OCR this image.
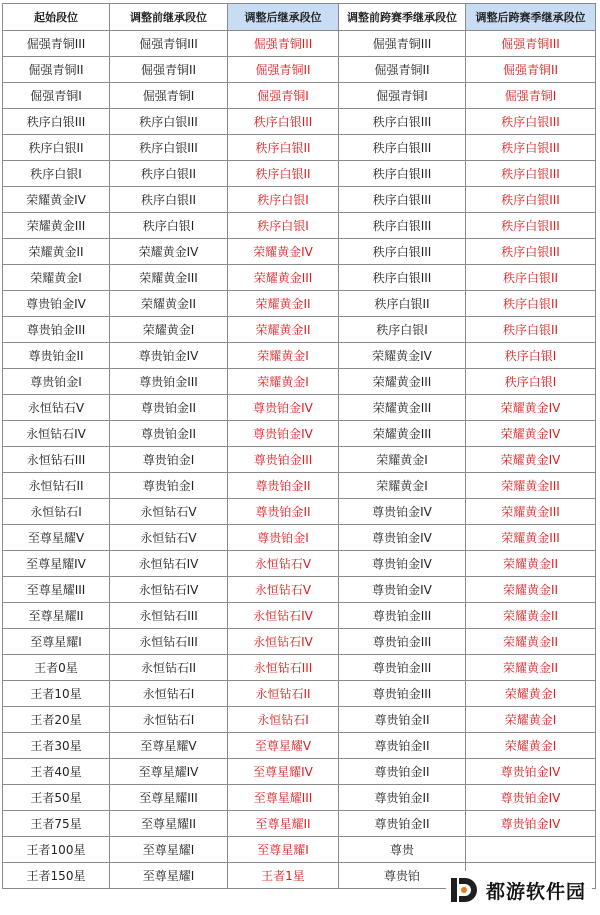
起始段位	调整前继承段位	调整后继承段位	调整前跨赛季继承段位	调整后跨赛季继承段位
倔强青铜III	倔强青铜III	倔强青铜III	倔强青铜III	倔强青铜III
倔强青铜II	倔强青铜II	倔强青铜II	倔强青铜II	倔强青铜II
倔强青铜I	倔强青铜I	倔强青铜I	倔强青铜I	倔强青铜I
秩序白银III	秩序白银III	秩序白银III	秩序白银III	秩序白银III
秩序白银II	秩序白银III	秩序白银II	秩序白银III	秩序白银III
秩序白银I	秩序白银II	秩序白银II	秩序白银III	秩序白银III
荣耀黄金IV	秩序白银II	秩序白银I	秩序白银III	秩序白银III
荣耀黄金III	秩序白银I	秩序白银I	秩序白银III	秩序白银III
荣耀黄金II	荣耀黄金IV	荣耀黄金IV	秩序白银III	秩序白银III
荣耀黄金I	荣耀黄金III	荣耀黄金III	秩序白银III	秩序白银II
尊贵铂金IV	荣耀黄金II	荣耀黄金II	秩序白银II	秩序白银II
尊贵铂金III	荣耀黄金I	荣耀黄金II	秩序白银I	秩序白银II
尊贵铂金II	尊贵铂金IV	荣耀黄金I	荣耀黄金IV	秩序白银I
尊贵铂金I	尊贵铂金III	荣耀黄金I	荣耀黄金III	秩序白银I
永恒钻石V	尊贵铂金II	尊贵铂金IV	荣耀黄金III	荣耀黄金IV
永恒钻石IV	尊贵铂金II	尊贵铂金IV	荣耀黄金III	荣耀黄金IV
永恒钻石III	尊贵铂金I	尊贵铂金III	荣耀黄金I	荣耀黄金IV
永恒钻石II	尊贵铂金I	尊贵铂金II	荣耀黄金I	荣耀黄金III
永恒钻石I	永恒钻石V	尊贵铂金II	尊贵铂金IV	荣耀黄金III
至尊星耀V	永恒钻石V	尊贵铂金I	尊贵铂金IV	荣耀黄金III
至尊星耀IV	永恒钻石IV	永恒钻石V	尊贵铂金IV	荣耀黄金II
至尊星耀III	永恒钻石IV	永恒钻石V	尊贵铂金IV	荣耀黄金II
至尊星耀II	永恒钻石III	永恒钻石IV	尊贵铂金III	荣耀黄金II
至尊星耀I	永恒钻石III	永恒钻石IV	尊贵铂金III	荣耀黄金II
王者0星	永恒钻石II	永恒钻石III	尊贵铂金III	荣耀黄金II
王者10星	永恒钻石I	永恒钻石II	尊贵铂金III	荣耀黄金I
王者20星	永恒钻石I	永恒钻石I	尊贵铂金II	荣耀黄金I
王者30星	至尊星耀V	至尊星耀V	尊贵铂金II	荣耀黄金I
王者40星	至尊星耀IV	至尊星耀IV	尊贵铂金II	尊贵铂金IV
王者50星	至尊星耀III	至尊星耀III	尊贵铂金II	尊贵铂金IV
王者75星	至尊星耀II	至尊星耀II	尊贵铂金II	尊贵铂金IV
王者100星	至尊星耀I	至尊星耀I	尊贵	
王者150星	至尊星耀I	王者1星	尊贵铂	
都游软件园
